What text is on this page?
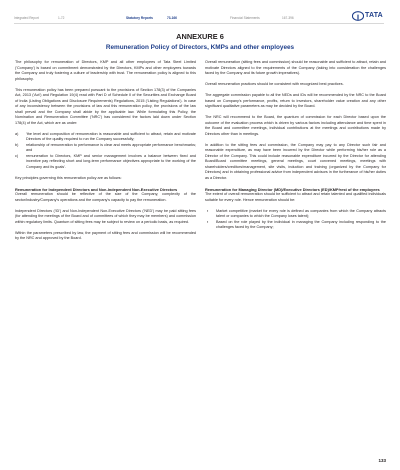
Integrated Report	1-72	Statutory Reports	73-166	Financial Statements	167-396	TATA
ANNEXURE 6
Remuneration Policy of Directors, KMPs and other employees

The philosophy for remuneration of Directors, KMP and all other employees of Tata Steel Limited ('Company') is based on commitment demonstrated by the Directors, KMPs and other employees towards the Company and truly fostering a culture of leadership with trust. The remuneration policy is aligned to this philosophy.

This remuneration policy has been prepared pursuant to the provisions of Section 178(3) of the Companies Act, 2013 ('Act') and Regulation 19(4) read with Part D of Schedule II of the Securities and Exchange Board of India (Listing Obligations and Disclosure Requirements) Regulations, 2015 ('Listing Regulations'). In case of any inconsistency between the provisions of law and this remuneration policy, the provisions of the law shall prevail and the Company shall abide by the applicable law. While formulating this Policy, the Nomination and Remuneration Committee ('NRC') has considered the factors laid down under Section 178(4) of the Act, which are as under:

a) 'the level and composition of remuneration is reasonable and sufficient to attract, retain and motivate Directors of the quality required to run the Company successfully;
b) relationship of remuneration to performance is clear and meets appropriate performance benchmarks; and
c) remuneration to Directors, KMP and senior management involves a balance between fixed and incentive pay reflecting short and long-term performance objectives appropriate to the working of the Company and its goals'.

Key principles governing this remuneration policy are as follows:

Remuneration for Independent Directors and Non-Independent Non-Executive Directors

Overall remuneration should be reflective of the size of the Company, complexity of the sector/industry/Company's operations and the company's capacity to pay the remuneration.

Independent Directors ('ID') and Non-Independent Non-Executive Directors ('NED') may be paid sitting fees (for attending the meetings of the Board and of committees of which they may be members) and commission within regulatory limits. Quantum of sitting fees may be subject to review on a periodic basis, as required.

Within the parameters prescribed by law, the payment of sitting fees and commission will be recommended by the NRC and approved by the Board.

Overall remuneration (sitting fees and commission) should be reasonable and sufficient to attract, retain and motivate Directors aligned to the requirements of the Company (taking into consideration the challenges faced by the Company and its future growth imperatives).

Overall remuneration practices should be consistent with recognized best practices.

The aggregate commission payable to all the NEDs and IDs will be recommended by the NRC to the Board based on Company's performance, profits, return to investors, shareholder value creation and any other significant qualitative parameters as may be decided by the Board.

The NRC will recommend to the Board, the quantum of commission for each Director based upon the outcome of the evaluation process which is driven by various factors including attendance and time spent in the Board and committee meetings, individual contributions at the meetings and contributions made by Directors other than in meetings.

In addition to the sitting fees and commission, the Company may pay to any Director such fair and reasonable expenditure, as may have been incurred by the Director while performing his/her role as a Director of the Company. This could include reasonable expenditure incurred by the Director for attending Board/Board committee meetings, general meetings, court convened meetings, meetings with shareholders/creditors/management, site visits, induction and training (organized by the Company for Directors) and in obtaining professional advice from independent advisors in the furtherance of his/her duties as a Director.

Remuneration for Managing Director (MD)/Executive Directors (ED)/KMP/rest of the employees

The extent of overall remuneration should be sufficient to attract and retain talented and qualified individuals suitable for every role. Hence remuneration should be:

▪ Market competitive (market for every role is defined as companies from which the Company attracts talent or companies to which the Company loses talent);
▪ Based on the role played by the individual in managing the Company including responding to the challenges faced by the Company;
133
